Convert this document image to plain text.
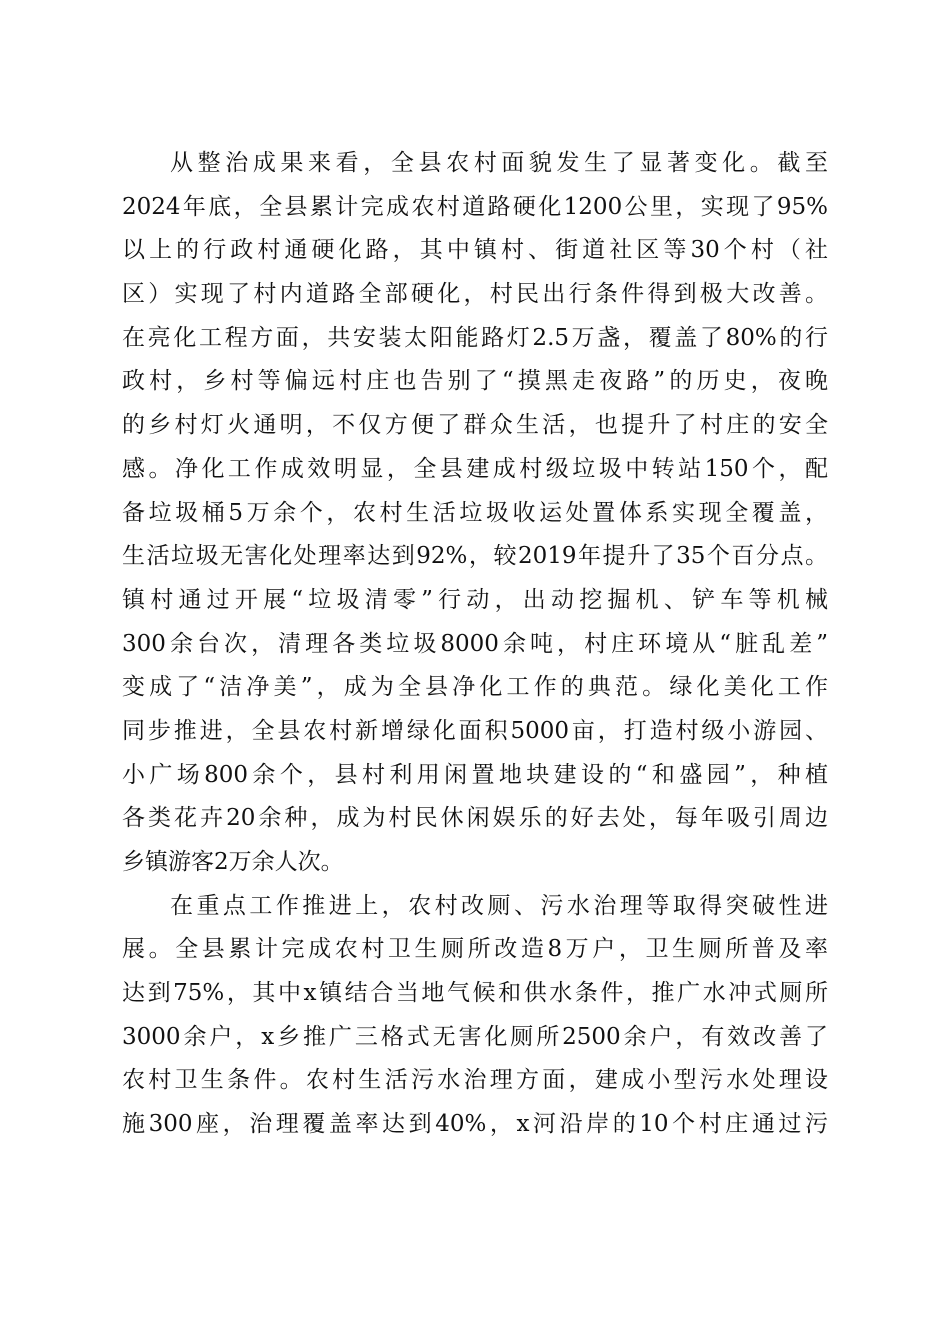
从整治成果来看，全县农村面貌发生了显著变化。截至
2024年底，全县累计完成农村道路硬化1200公里，实现了95%
以上的行政村通硬化路，其中镇村、街道社区等30个村（社
区）实现了村内道路全部硬化，村民出行条件得到极大改善。
在亮化工程方面，共安装太阳能路灯2.5万盏，覆盖了80%的行
政村，乡村等偏远村庄也告别了“摸黑走夜路”的历史，夜晚
的乡村灯火通明，不仅方便了群众生活，也提升了村庄的安全
感。净化工作成效明显，全县建成村级垃圾中转站150个，配
备垃圾桶5万余个，农村生活垃圾收运处置体系实现全覆盖，
生活垃圾无害化处理率达到92%，较2019年提升了35个百分点。
镇村通过开展“垃圾清零”行动，出动挖掘机、铲车等机械
300余台次，清理各类垃圾8000余吨，村庄环境从“脏乱差”
变成了“洁净美”，成为全县净化工作的典范。绿化美化工作
同步推进，全县农村新增绿化面积5000亩，打造村级小游园、
小广场800余个，县村利用闲置地块建设的“和盛园”，种植
各类花卉20余种，成为村民休闲娱乐的好去处，每年吸引周边
乡镇游客2万余人次。
在重点工作推进上，农村改厕、污水治理等取得突破性进
展。全县累计完成农村卫生厕所改造8万户，卫生厕所普及率
达到75%，其中x镇结合当地气候和供水条件，推广水冲式厕所
3000余户，x乡推广三格式无害化厕所2500余户，有效改善了
农村卫生条件。农村生活污水治理方面，建成小型污水处理设
施300座，治理覆盖率达到40%，x河沿岸的10个村庄通过污
